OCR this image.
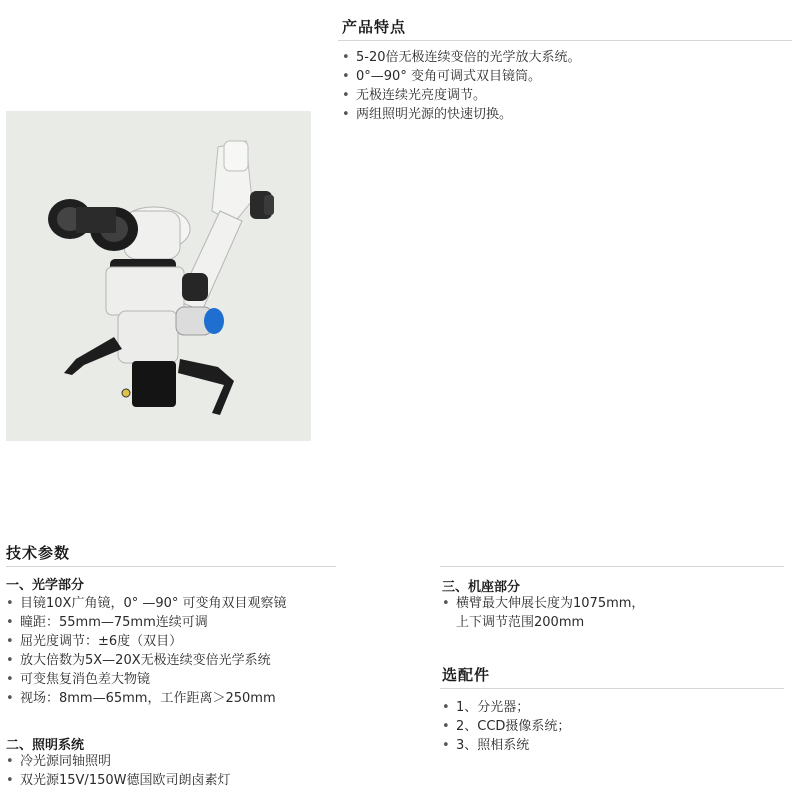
产品特点
• 5-20倍无极连续变倍的光学放大系统。
• 0°—90° 变角可调式双目镜筒。
• 无极连续光亮度调节。
• 两组照明光源的快速切换。
技术参数
一、光学部分
• 目镜10X广角镜，0° —90° 可变角双目观察镜
• 瞳距：55mm—75mm连续可调
• 屈光度调节：±6度（双目）
• 放大倍数为5X—20X无极连续变倍光学系统
• 可变焦复消色差大物镜
• 视场：8mm—65mm，工作距离＞250mm
二、照明系统
• 冷光源同轴照明
• 双光源15V/150W德国欧司朗卤素灯
三、机座部分
• 横臂最大伸展长度为1075mm，
上下调节范围200mm
选配件
• 1、分光器；
• 2、CCD摄像系统；
• 3、照相系统
